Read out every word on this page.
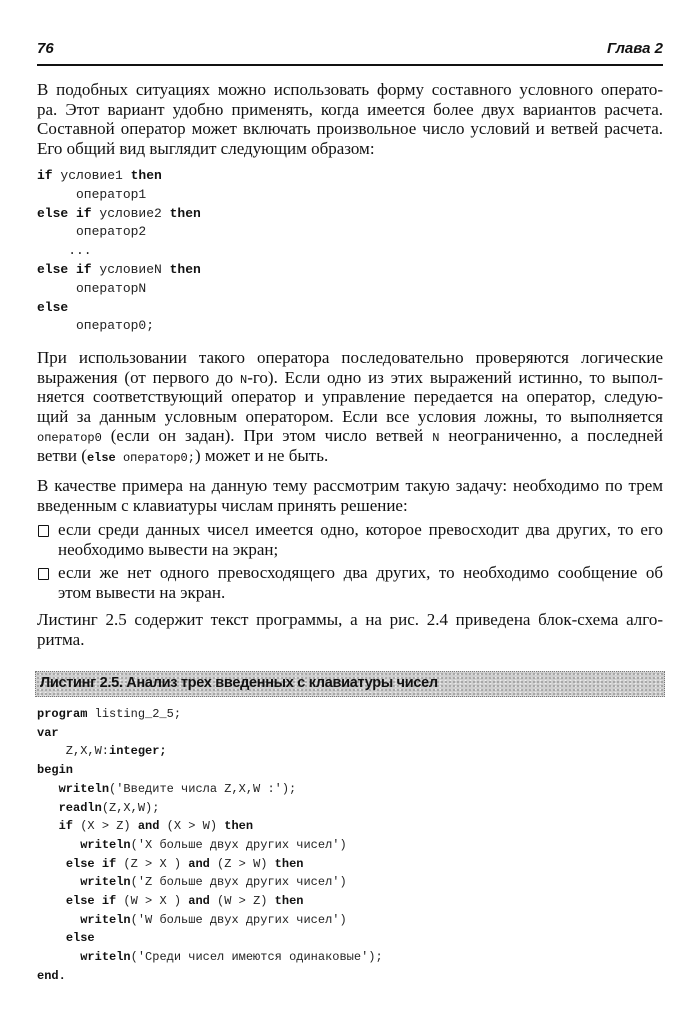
76	Глава 2
В подобных ситуациях можно использовать форму составного условного операто-
ра. Этот вариант удобно применять, когда имеется более двух вариантов расчета.
Составной оператор может включать произвольное число условий и ветвей расчета.
Его общий вид выглядит следующим образом:
if условие1 then
оператор1
else if условие2 then
оператор2
...
else if условиеN then
операторN
else
оператор0;
При использовании такого оператора последовательно проверяются логические
выражения (от первого до N-го). Если одно из этих выражений истинно, то выпол-
няется соответствующий оператор и управление передается на оператор, следую-
щий за данным условным оператором. Если все условия ложны, то выполняется
оператор0 (если он задан). При этом число ветвей N неограниченно, а последней
ветви (else оператор0;) может и не быть.
В качестве примера на данную тему рассмотрим такую задачу: необходимо по трем
введенным с клавиатуры числам принять решение:
если среди данных чисел имеется одно, которое превосходит два других, то его
необходимо вывести на экран;
если же нет одного превосходящего два других, то необходимо сообщение об
этом вывести на экран.
Листинг 2.5 содержит текст программы, а на рис. 2.4 приведена блок-схема алго-
ритма.
Листинг 2.5. Анализ трех введенных с клавиатуры чисел
program listing_2_5;
var
Z,X,W:integer;
begin
writeln('Введите числа Z,X,W :');
readln(Z,X,W);
if (X > Z) and (X > W) then
writeln('X больше двух других чисел')
else if (Z > X ) and (Z > W) then
writeln('Z больше двух других чисел')
else if (W > X ) and (W > Z) then
writeln('W больше двух других чисел')
else
writeln('Среди чисел имеются одинаковые');
end.
